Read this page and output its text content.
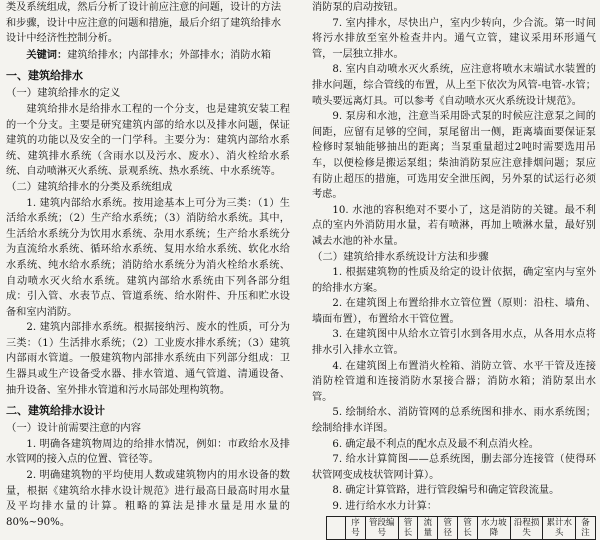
类及系统组成，然后分析了设计前应注意的问题，设计的方法

和步骤，设计中应注意的问题和措施，最后介绍了建筑给排水

设计中经济性控制分析。

关键词：建筑给排水；内部排水；外部排水；消防水箱

一、建筑给排水

（一）建筑给排水的定义

建筑给排水是给排水工程的一个分支，也是建筑安装工程的一个分支。主要是研究建筑内部的给水以及排水问题，保证建筑的功能以及安全的一门学科。主要分为：建筑内部给水系统、建筑排水系统（含雨水以及污水、废水）、消火栓给水系统、自动喷淋灭火系统、景观系统、热水系统、中水系统等。

（二）建筑给排水的分类及系统组成

1. 建筑内部给水系统。按用途基本上可分为三类：（1）生活给水系统；（2）生产给水系统；（3）消防给水系统。其中，生活给水系统分为饮用水系统、杂用水系统；生产给水系统分为直流给水系统、循环给水系统、复用水给水系统、软化水给水系统、纯水给水系统；消防给水系统分为消火栓给水系统、自动喷水灭火给水系统。建筑内部给水系统由下列各部分组成：引入管、水表节点、管道系统、给水附件、升压和贮水设备和室内消防。

2. 建筑内部排水系统。根据接纳污、废水的性质，可分为三类：（1）生活排水系统；（2）工业废水排水系统；（3）建筑内部雨水管道。一般建筑物内部排水系统由下列部分组成：卫生器具或生产设备受水器、排水管道、通气管道、清通设备、抽升设备、室外排水管道和污水局部处理构筑物。

二、建筑给排水设计

（一）设计前需要注意的内容

1. 明确各建筑物周边的给排水情况，例如：市政给水及排水管网的接入点的位置、管径等。

2. 明确建筑物的平均使用人数或建筑物内的用水设备的数量，根据《建筑给水排水设计规范》进行最高日最高时用水量及平均排水量的计算。粗略的算法是排水量是用水量的80%~90%。

消防泵的启动按钮。

7. 室内排水，尽快出户，室内少转向，少合流。第一时间将污水排放至室外检查井内。通气立管，建议采用环形通气管，一层独立排水。

8. 室内自动喷水灭火系统，应注意将喷水末端试水装置的排水问题，综合管线的布置，从上至下依次为风管-电管-水管；喷头要远离灯具。可以参考《自动喷水灭火系统设计规范》。

9. 泵房和水池，注意当采用卧式泵的时候应注意泵之间的间距，应留有足够的空间，泵尾留出一侧，距离墙面要保证泵检修时泵轴能够抽出的距离；当泵重量超过2吨时需要选用吊车，以便检修是搬运泵组；柴油消防泵应注意排烟问题；泵应有防止超压的措施，可选用安全泄压阀，另外泵的试运行必须考虑。

10. 水池的容积绝对不要小了，这是消防的关键。最不利点的室内外消防用水量，若有喷淋，再加上喷淋水量，最好别减去水池的补水量。

（二）建筑给排水系统设计方法和步骤

1. 根据建筑物的性质及给定的设计依据，确定室内与室外的给排水方案。

2. 在建筑图上布置给排水立管位置（原则：沿柱、墙角、墙面布置），布置给水干管位置。

3. 在建筑图中从给水立管引水到各用水点，从各用水点将排水引入排水立管。

4. 在建筑图上布置消火栓箱、消防立管、水平干管及连接消防栓管道和连接消防水泵接合器；消防水箱；消防泵出水管。

5. 绘制给水、消防管网的总系统图和排水、雨水系统图；绘制给排水详图。

6. 确定最不利点的配水点及最不利点消火栓。

7. 给水计算简图——总系统图，删去部分连接管（使得环状管网变成枝状管网计算）。

8. 确定计算管路，进行管段编号和确定管段流量。

9. 进行给水水力计算：

	序号	管段编号	管长	流量	管径	管长	水力坡降	沿程损失	累计水头	备注
